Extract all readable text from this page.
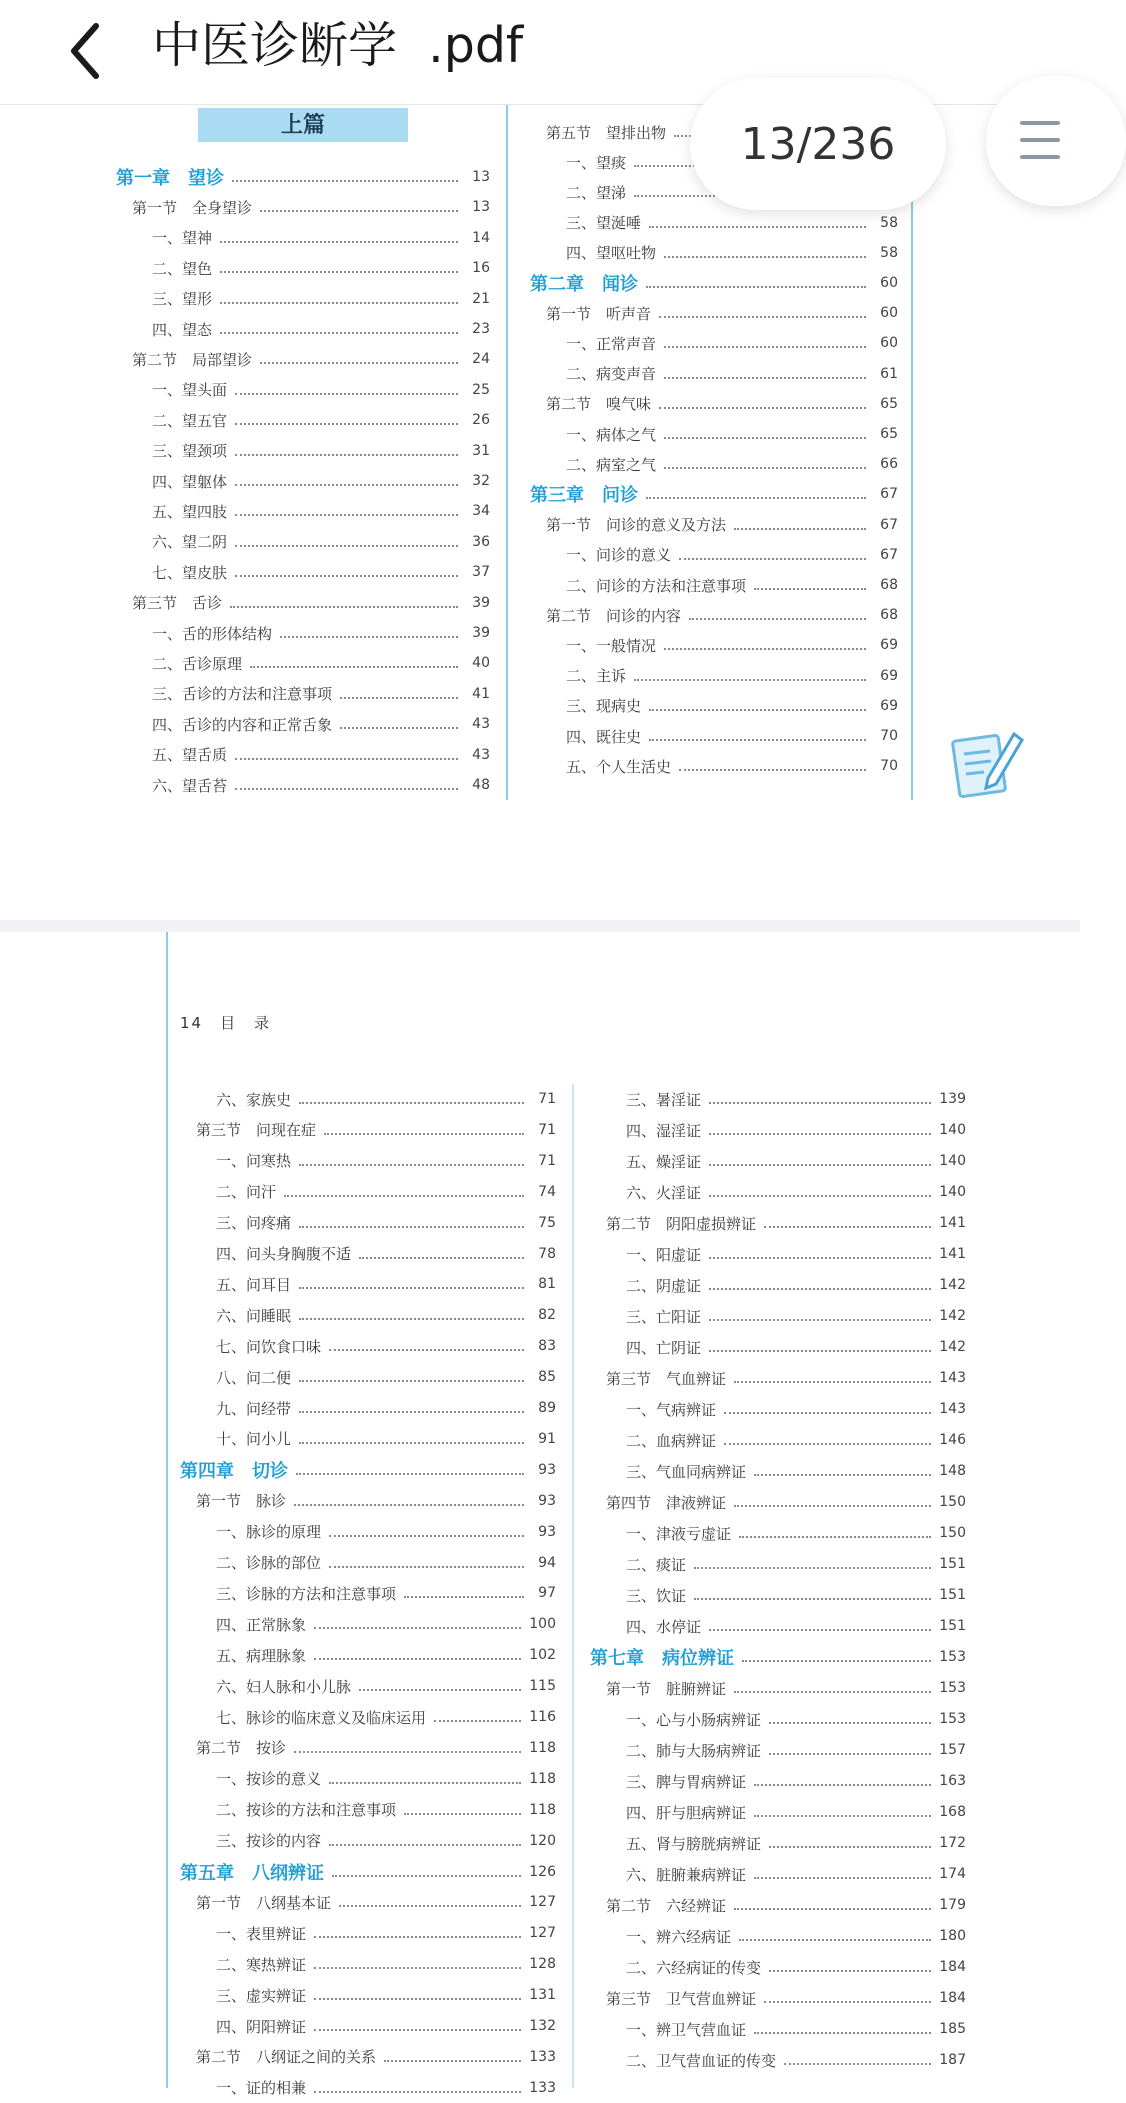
中医诊断学  .pdf
上篇
第一章　望诊	13
第一节　全身望诊	13
一、望神	14
二、望色	16
三、望形	21
四、望态	23
第二节　局部望诊	24
一、望头面	25
二、望五官	26
三、望颈项	31
四、望躯体	32
五、望四肢	34
六、望二阴	36
七、望皮肤	37
第三节　舌诊	39
一、舌的形体结构	39
二、舌诊原理	40
三、舌诊的方法和注意事项	41
四、舌诊的内容和正常舌象	43
五、望舌质	43
六、望舌苔	48
第五节　望排出物
一、望痰
二、望涕
三、望涎唾	58
四、望呕吐物	58
第二章　闻诊	60
第一节　听声音	60
一、正常声音	60
二、病变声音	61
第二节　嗅气味	65
一、病体之气	65
二、病室之气	66
第三章　问诊	67
第一节　问诊的意义及方法	67
一、问诊的意义	67
二、问诊的方法和注意事项	68
第二节　问诊的内容	68
一、一般情况	69
二、主诉	69
三、现病史	69
四、既往史	70
五、个人生活史	70
14　目　录
六、家族史	71
第三节　问现在症	71
一、问寒热	71
二、问汗	74
三、问疼痛	75
四、问头身胸腹不适	78
五、问耳目	81
六、问睡眠	82
七、问饮食口味	83
八、问二便	85
九、问经带	89
十、问小儿	91
第四章　切诊	93
第一节　脉诊	93
一、脉诊的原理	93
二、诊脉的部位	94
三、诊脉的方法和注意事项	97
四、正常脉象	100
五、病理脉象	102
六、妇人脉和小儿脉	115
七、脉诊的临床意义及临床运用	116
第二节　按诊	118
一、按诊的意义	118
二、按诊的方法和注意事项	118
三、按诊的内容	120
第五章　八纲辨证	126
第一节　八纲基本证	127
一、表里辨证	127
二、寒热辨证	128
三、虚实辨证	131
四、阴阳辨证	132
第二节　八纲证之间的关系	133
一、证的相兼	133
三、暑淫证	139
四、湿淫证	140
五、燥淫证	140
六、火淫证	140
第二节　阴阳虚损辨证	141
一、阳虚证	141
二、阴虚证	142
三、亡阳证	142
四、亡阴证	142
第三节　气血辨证	143
一、气病辨证	143
二、血病辨证	146
三、气血同病辨证	148
第四节　津液辨证	150
一、津液亏虚证	150
二、痰证	151
三、饮证	151
四、水停证	151
第七章　病位辨证	153
第一节　脏腑辨证	153
一、心与小肠病辨证	153
二、肺与大肠病辨证	157
三、脾与胃病辨证	163
四、肝与胆病辨证	168
五、肾与膀胱病辨证	172
六、脏腑兼病辨证	174
第二节　六经辨证	179
一、辨六经病证	180
二、六经病证的传变	184
第三节　卫气营血辨证	184
一、辨卫气营血证	185
二、卫气营血证的传变	187
13/236
